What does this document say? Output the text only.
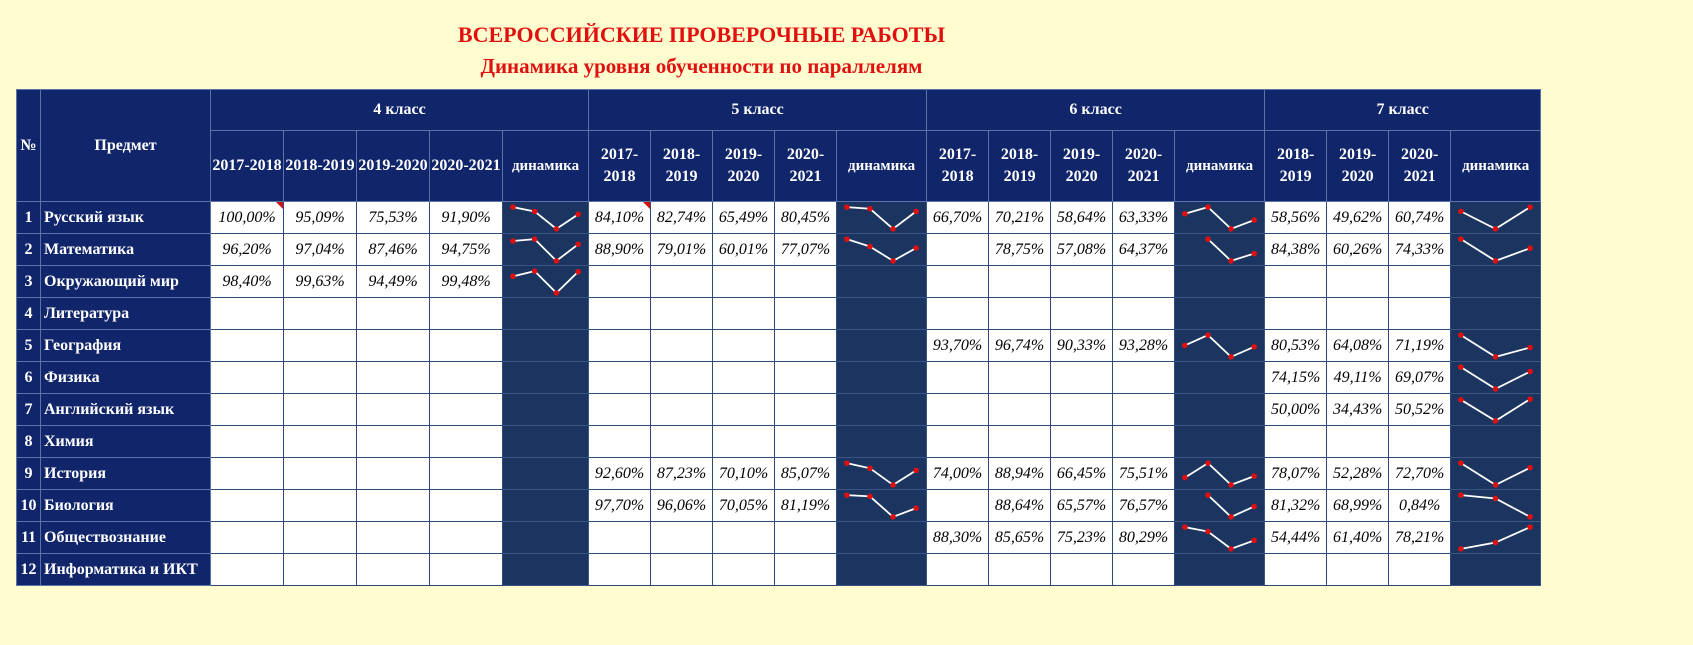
ВСЕРОССИЙСКИЕ ПРОВЕРОЧНЫЕ РАБОТЫ
Динамика уровня обученности по параллелям
№	Предмет	4 класс					5 класс					6 класс					7 класс			
		2017-2018	2018-2019	2019-2020	2020-2021	динамика	2017-2018	2018-2019	2019-2020	2020-2021	динамика	2017-2018	2018-2019	2019-2020	2020-2021	динамика	2018-2019	2019-2020	2020-2021	динамика
1	Русский язык	100,00%	95,09%	75,53%	91,90%		84,10%	82,74%	65,49%	80,45%		66,70%	70,21%	58,64%	63,33%		58,56%	49,62%	60,74%	

2	Математика	96,20%	97,04%	87,46%	94,75%		88,90%	79,01%	60,01%	77,07%			78,75%	57,08%	64,37%		84,38%	60,26%	74,33%	

3	Окружающий мир	98,40%	99,63%	94,49%	99,48%	

4	Литература																			
5	География											93,70%	96,74%	90,33%	93,28%		80,53%	64,08%	71,19%	

6	Физика																74,15%	49,11%	69,07%	

7	Английский язык																50,00%	34,43%	50,52%	

8	Химия																			
9	История						92,60%	87,23%	70,10%	85,07%		74,00%	88,94%	66,45%	75,51%		78,07%	52,28%	72,70%	

10	Биология						97,70%	96,06%	70,05%	81,19%			88,64%	65,57%	76,57%		81,32%	68,99%	0,84%	

11	Обществознание											88,30%	85,65%	75,23%	80,29%		54,44%	61,40%	78,21%	

12	Информатика и ИКТ																			
